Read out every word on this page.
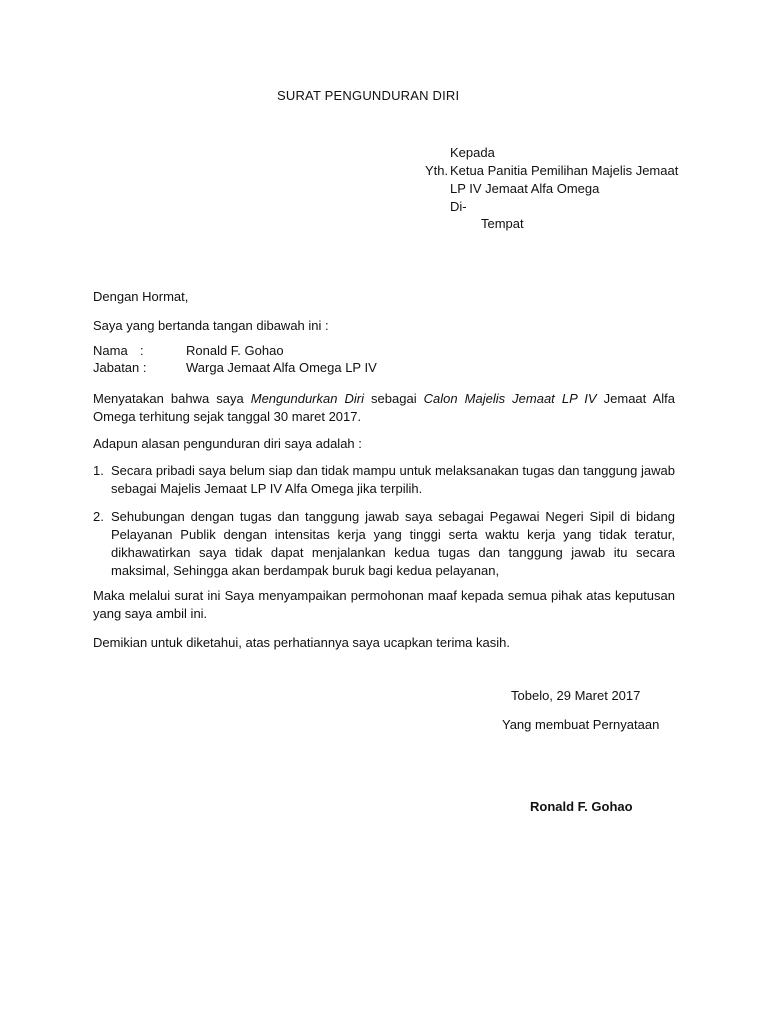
SURAT PENGUNDURAN DIRI
Kepada
Yth. Ketua Panitia Pemilihan Majelis Jemaat
LP IV Jemaat Alfa Omega
Di-
Tempat
Dengan Hormat,
Saya yang bertanda tangan dibawah ini :
Nama :	Ronald F. Gohao
Jabatan :	Warga Jemaat Alfa Omega LP IV
Menyatakan bahwa saya Mengundurkan Diri sebagai Calon Majelis Jemaat LP IV Jemaat Alfa
Omega terhitung sejak tanggal 30 maret 2017.
Adapun alasan pengunduran diri saya adalah :
1. Secara pribadi saya belum siap dan tidak mampu untuk melaksanakan tugas dan tanggung jawab
sebagai Majelis Jemaat LP IV Alfa Omega jika terpilih.
2. Sehubungan dengan tugas dan tanggung jawab saya sebagai Pegawai Negeri Sipil di bidang
Pelayanan Publik dengan intensitas kerja yang tinggi serta waktu kerja yang tidak teratur,
dikhawatirkan saya tidak dapat menjalankan kedua tugas dan tanggung jawab itu secara
maksimal, Sehingga akan berdampak buruk bagi kedua pelayanan,
Maka melalui surat ini Saya menyampaikan permohonan maaf kepada semua pihak atas keputusan
yang saya ambil ini.
Demikian untuk diketahui, atas perhatiannya saya ucapkan terima kasih.
Tobelo, 29 Maret 2017
Yang membuat Pernyataan
Ronald F. Gohao
